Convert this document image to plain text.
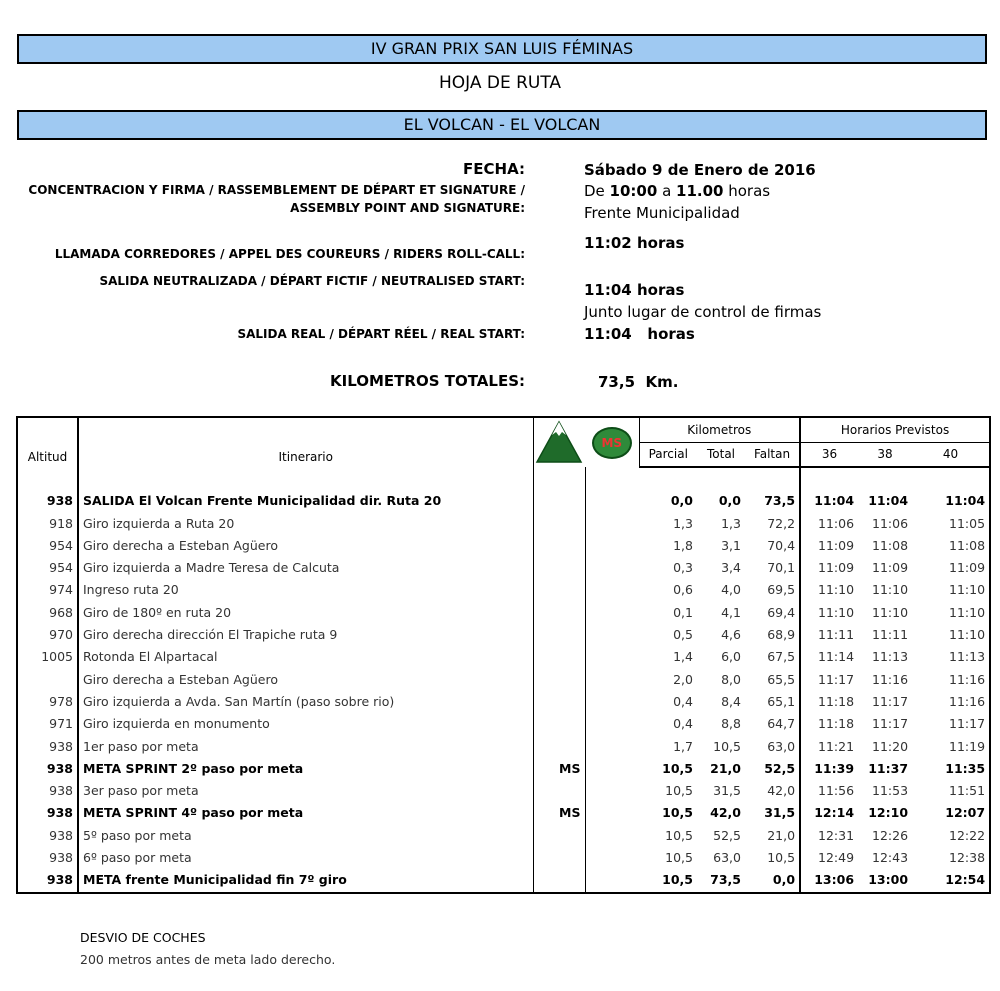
IV GRAN PRIX SAN LUIS FÉMINAS
HOJA DE RUTA
EL VOLCAN - EL VOLCAN
FECHA:	Sábado 9 de Enero de 2016
CONCENTRACION Y FIRMA / RASSEMBLEMENT DE DÉPART ET SIGNATURE /
ASSEMBLY POINT AND SIGNATURE:
De 10:00 a 11.00 horas
Frente Municipalidad
LLAMADA CORREDORES / APPEL DES COUREURS / RIDERS ROLL-CALL:
11:02 horas
SALIDA NEUTRALIZADA / DÉPART FICTIF / NEUTRALISED START:	11:04 horas
Junto lugar de control de firmas
SALIDA REAL / DÉPART RÉEL / REAL START:	11:04   horas
KILOMETROS TOTALES:	73,5  Km.
Altitud	Itinerario		MS	Kilometros			Horarios Previstos		
				Parcial	Total	Faltan	36	38	40

938	SALIDA El Volcan Frente Municipalidad dir. Ruta 20			0,0	0,0	73,5	11:04	11:04	11:04
918	Giro izquierda a Ruta 20			1,3	1,3	72,2	11:06	11:06	11:05
954	Giro derecha a Esteban Agüero			1,8	3,1	70,4	11:09	11:08	11:08
954	Giro izquierda a Madre Teresa de Calcuta			0,3	3,4	70,1	11:09	11:09	11:09
974	Ingreso ruta 20			0,6	4,0	69,5	11:10	11:10	11:10
968	Giro de 180º en ruta 20			0,1	4,1	69,4	11:10	11:10	11:10
970	Giro derecha dirección El Trapiche ruta 9			0,5	4,6	68,9	11:11	11:11	11:10
1005	Rotonda El Alpartacal			1,4	6,0	67,5	11:14	11:13	11:13
	Giro derecha a Esteban Agüero			2,0	8,0	65,5	11:17	11:16	11:16
978	Giro izquierda a Avda. San Martín (paso sobre rio)			0,4	8,4	65,1	11:18	11:17	11:16
971	Giro izquierda en monumento			0,4	8,8	64,7	11:18	11:17	11:17
938	1er paso por meta			1,7	10,5	63,0	11:21	11:20	11:19
938	META SPRINT 2º paso por meta	MS		10,5	21,0	52,5	11:39	11:37	11:35
938	3er paso por meta			10,5	31,5	42,0	11:56	11:53	11:51
938	META SPRINT 4º paso por meta	MS		10,5	42,0	31,5	12:14	12:10	12:07
938	5º paso por meta			10,5	52,5	21,0	12:31	12:26	12:22
938	6º paso por meta			10,5	63,0	10,5	12:49	12:43	12:38
938	META frente Municipalidad fin 7º giro			10,5	73,5	0,0	13:06	13:00	12:54
DESVIO DE COCHES
200 metros antes de meta lado derecho.
